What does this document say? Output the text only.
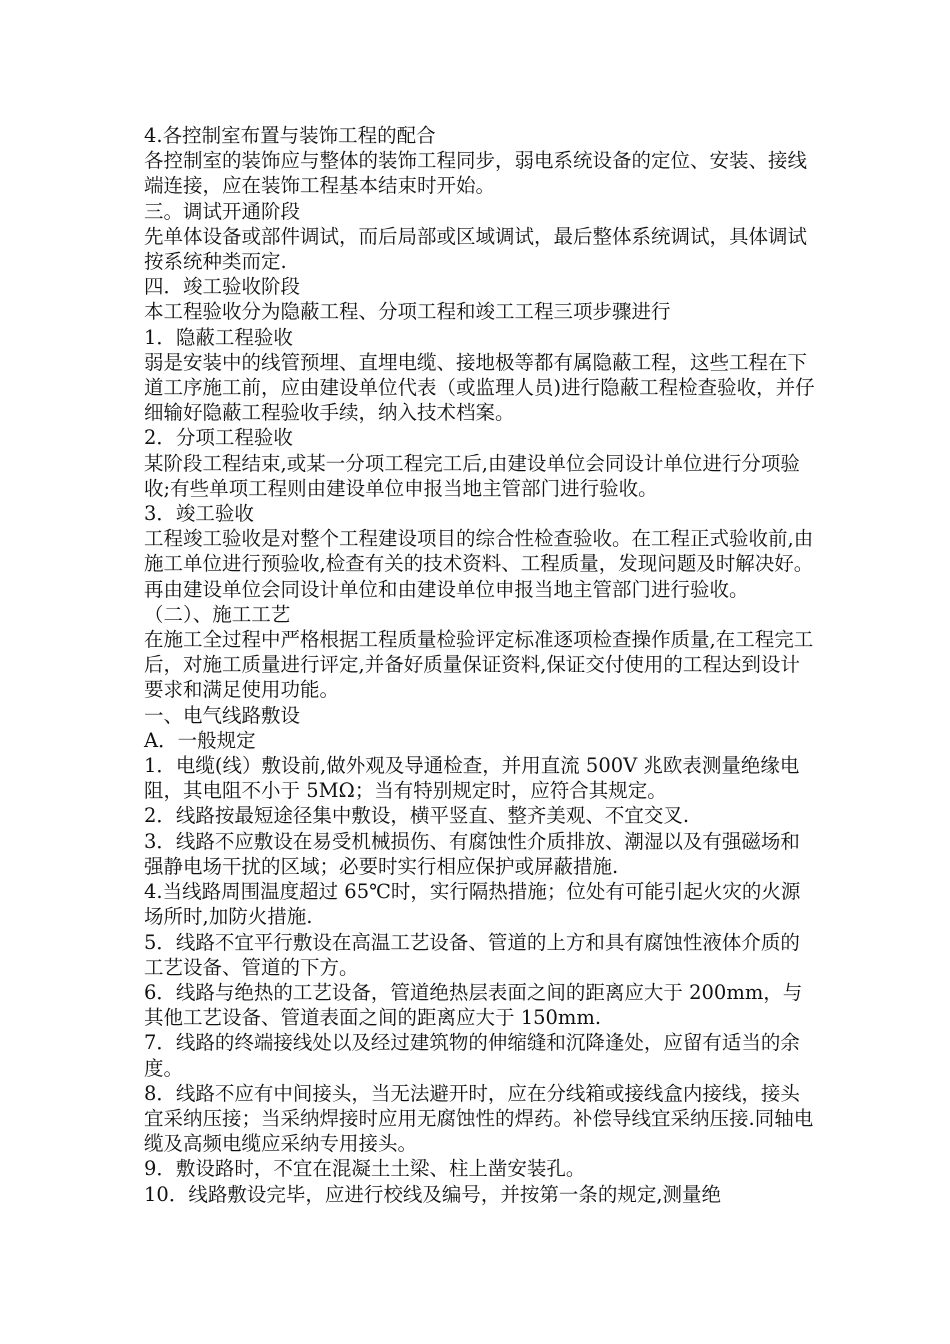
4.各控制室布置与装饰工程的配合

各控制室的装饰应与整体的装饰工程同步，弱电系统设备的定位、安装、接线端连接，应在装饰工程基本结束时开始。

三。调试开通阶段

先单体设备或部件调试，而后局部或区域调试，最后整体系统调试，具体调试按系统种类而定.

四．竣工验收阶段

本工程验收分为隐蔽工程、分项工程和竣工工程三项步骤进行

1．隐蔽工程验收

弱是安装中的线管预埋、直埋电缆、接地极等都有属隐蔽工程，这些工程在下道工序施工前，应由建设单位代表（或监理人员)进行隐蔽工程检查验收，并仔细输好隐蔽工程验收手续，纳入技术档案。

2．分项工程验收

某阶段工程结束,或某一分项工程完工后,由建设单位会同设计单位进行分项验收;有些单项工程则由建设单位申报当地主管部门进行验收。

3．竣工验收

工程竣工验收是对整个工程建设项目的综合性检查验收。在工程正式验收前,由施工单位进行预验收,检查有关的技术资料、工程质量，发现问题及时解决好。再由建设单位会同设计单位和由建设单位申报当地主管部门进行验收。

（二）、施工工艺

在施工全过程中严格根据工程质量检验评定标准逐项检查操作质量,在工程完工后，对施工质量进行评定,并备好质量保证资料,保证交付使用的工程达到设计要求和满足使用功能。

一、电气线路敷设

A．一般规定

1．电缆(线）敷设前,做外观及导通检查，并用直流 500V 兆欧表测量绝缘电阻，其电阻不小于 5MΩ；当有特别规定时，应符合其规定。

2．线路按最短途径集中敷设，横平竖直、整齐美观、不宜交叉.

3．线路不应敷设在易受机械损伤、有腐蚀性介质排放、潮湿以及有强磁场和强静电场干扰的区域；必要时实行相应保护或屏蔽措施.

4.当线路周围温度超过 65℃时，实行隔热措施；位处有可能引起火灾的火源场所时,加防火措施.

5．线路不宜平行敷设在高温工艺设备、管道的上方和具有腐蚀性液体介质的工艺设备、管道的下方。

6．线路与绝热的工艺设备，管道绝热层表面之间的距离应大于 200mm，与其他工艺设备、管道表面之间的距离应大于 150mm.

7．线路的终端接线处以及经过建筑物的伸缩缝和沉降逢处，应留有适当的余度。

8．线路不应有中间接头，当无法避开时，应在分线箱或接线盒内接线，接头宜采纳压接；当采纳焊接时应用无腐蚀性的焊药。补偿导线宜采纳压接.同轴电缆及高频电缆应采纳专用接头。

9．敷设路时，不宜在混凝土土梁、柱上凿安装孔。

10．线路敷设完毕，应进行校线及编号，并按第一条的规定,测量绝
